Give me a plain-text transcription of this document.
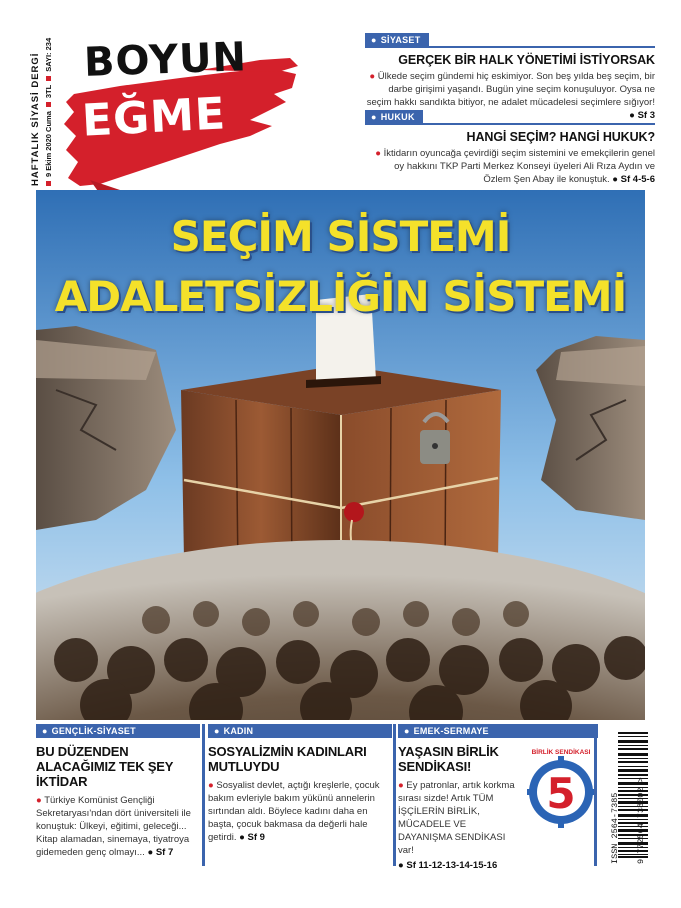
HAFTALIK SİYASİ DERGİ 9 Ekim 2020 Cuma
3TL
SAYI: 234 BOYUN
EĞME
● SİYASET
GERÇEK BİR HALK YÖNETİMİ İSTİYORSAK
● Ülkede seçim gündemi hiç eskimiyor. Son beş yılda beş seçim, bir darbe girişimi yaşandı. Bugün yine seçim konuşuluyor. Oysa ne seçim hakkı sandıkta bitiyor, ne adalet mücadelesi seçimlere sığıyor! ● Sf 3
● HUKUK
HANGİ SEÇİM? HANGİ HUKUK?
● İktidarın oyuncağa çevirdiği seçim sistemini ve emekçilerin genel oy hakkını TKP Parti Merkez Konseyi üyeleri Ali Rıza Aydın ve Özlem Şen Abay ile konuştuk. ● Sf 4-5-6
SEÇİM SİSTEMİ
ADALETSİZLİĞİN SİSTEMİ
● GENÇLİK-SİYASET
BU DÜZENDEN ALACAĞIMIZ TEK ŞEY İKTİDAR
● Türkiye Komünist Gençliği Sekretaryası'ndan dört üniversiteli ile konuştuk: Ülkeyi, eğitimi, geleceği... Kitap alamadan, sinemaya, tiyatroya gidemeden genç olmayı... ● Sf 7
● KADIN
SOSYALİZMİN KADINLARI MUTLUYDU
● Sosyalist devlet, açtığı kreşlerle, çocuk bakım evleriyle bakım yükünü annelerin sırtından aldı. Böylece kadını daha en başta, çocuk bakmasa da değerli hale getirdi. ● Sf 9
● EMEK-SERMAYE
YAŞASIN BİRLİK SENDİKASI!
● Ey patronlar, artık korkma sırası sizde! Artık TÜM İŞÇİLERİN BİRLİK, MÜCADELE VE DAYANIŞMA SENDİKASI var!
5
BİRLİK SENDİKASI
● Sf 11-12-13-14-15-16
ISSN 2564-7385 9 772564 738002 >
